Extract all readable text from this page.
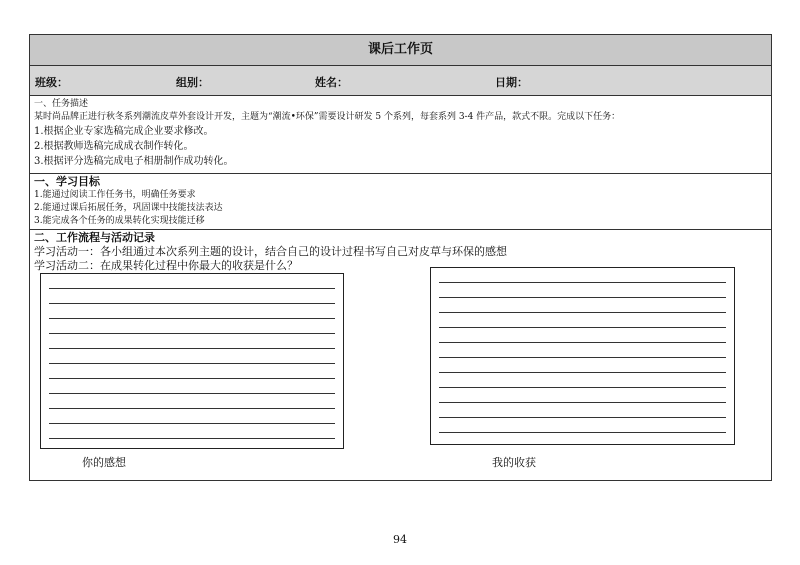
课后工作页
班级：	组别：	姓名：	日期：
一、任务描述
某时尚品牌正进行秋冬系列潮流皮草外套设计开发，主题为“潮流•环保”需要设计研发 5 个系列，每套系列 3-4 件产品，款式不限。完成以下任务：
1.根据企业专家选稿完成企业要求修改。
2.根据教师选稿完成成衣制作转化。
3.根据评分选稿完成电子相册制作成功转化。
一、学习目标
1.能通过阅读工作任务书，明确任务要求
2.能通过课后拓展任务，巩固课中技能技法表达
3.能完成各个任务的成果转化实现技能迁移
二、工作流程与活动记录
学习活动一：各小组通过本次系列主题的设计，结合自己的设计过程书写自己对皮草与环保的感想
学习活动二：在成果转化过程中你最大的收获是什么？
你的感想	我的收获
94
